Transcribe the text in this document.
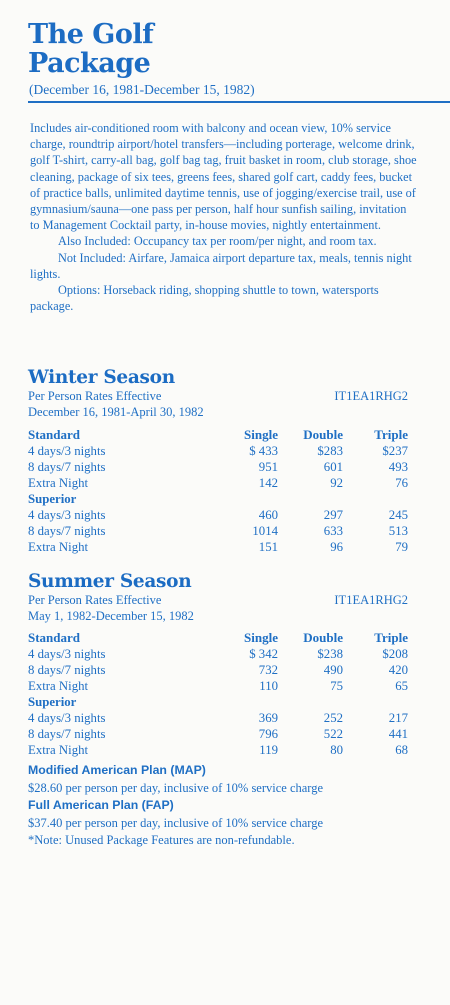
The Golf
Package
(December 16, 1981-December 15, 1982)

Includes air-conditioned room with balcony and ocean view, 10% service charge, roundtrip airport/hotel transfers—including porterage, welcome drink, golf T-shirt, carry-all bag, golf bag tag, fruit basket in room, club storage, shoe cleaning, package of six tees, greens fees, shared golf cart, caddy fees, bucket of practice balls, unlimited daytime tennis, use of jogging/exercise trail, use of gymnasium/sauna—one pass per person, half hour sunfish sailing, invitation to Management Cocktail party, in-house movies, nightly entertainment.

Also Included: Occupancy tax per room/per night, and room tax.

Not Included: Airfare, Jamaica airport departure tax, meals, tennis night lights.

Options: Horseback riding, shopping shuttle to town, watersports package.

Winter Season
Per Person Rates Effective
December 16, 1981-April 30, 1982
IT1EA1RHG2
Standard	Single	Double	Triple
4 days/3 nights	$ 433	$283	$237
8 days/7 nights	951	601	493
Extra Night	142	92	76
Superior			
4 days/3 nights	460	297	245
8 days/7 nights	1014	633	513
Extra Night	151	96	79
Summer Season
Per Person Rates Effective
May 1, 1982-December 15, 1982
IT1EA1RHG2
Standard	Single	Double	Triple
4 days/3 nights	$ 342	$238	$208
8 days/7 nights	732	490	420
Extra Night	110	75	65
Superior			
4 days/3 nights	369	252	217
8 days/7 nights	796	522	441
Extra Night	119	80	68
Modified American Plan (MAP)
$28.60 per person per day, inclusive of 10% service charge
Full American Plan (FAP)
$37.40 per person per day, inclusive of 10% service charge
*Note: Unused Package Features are non-refundable.
